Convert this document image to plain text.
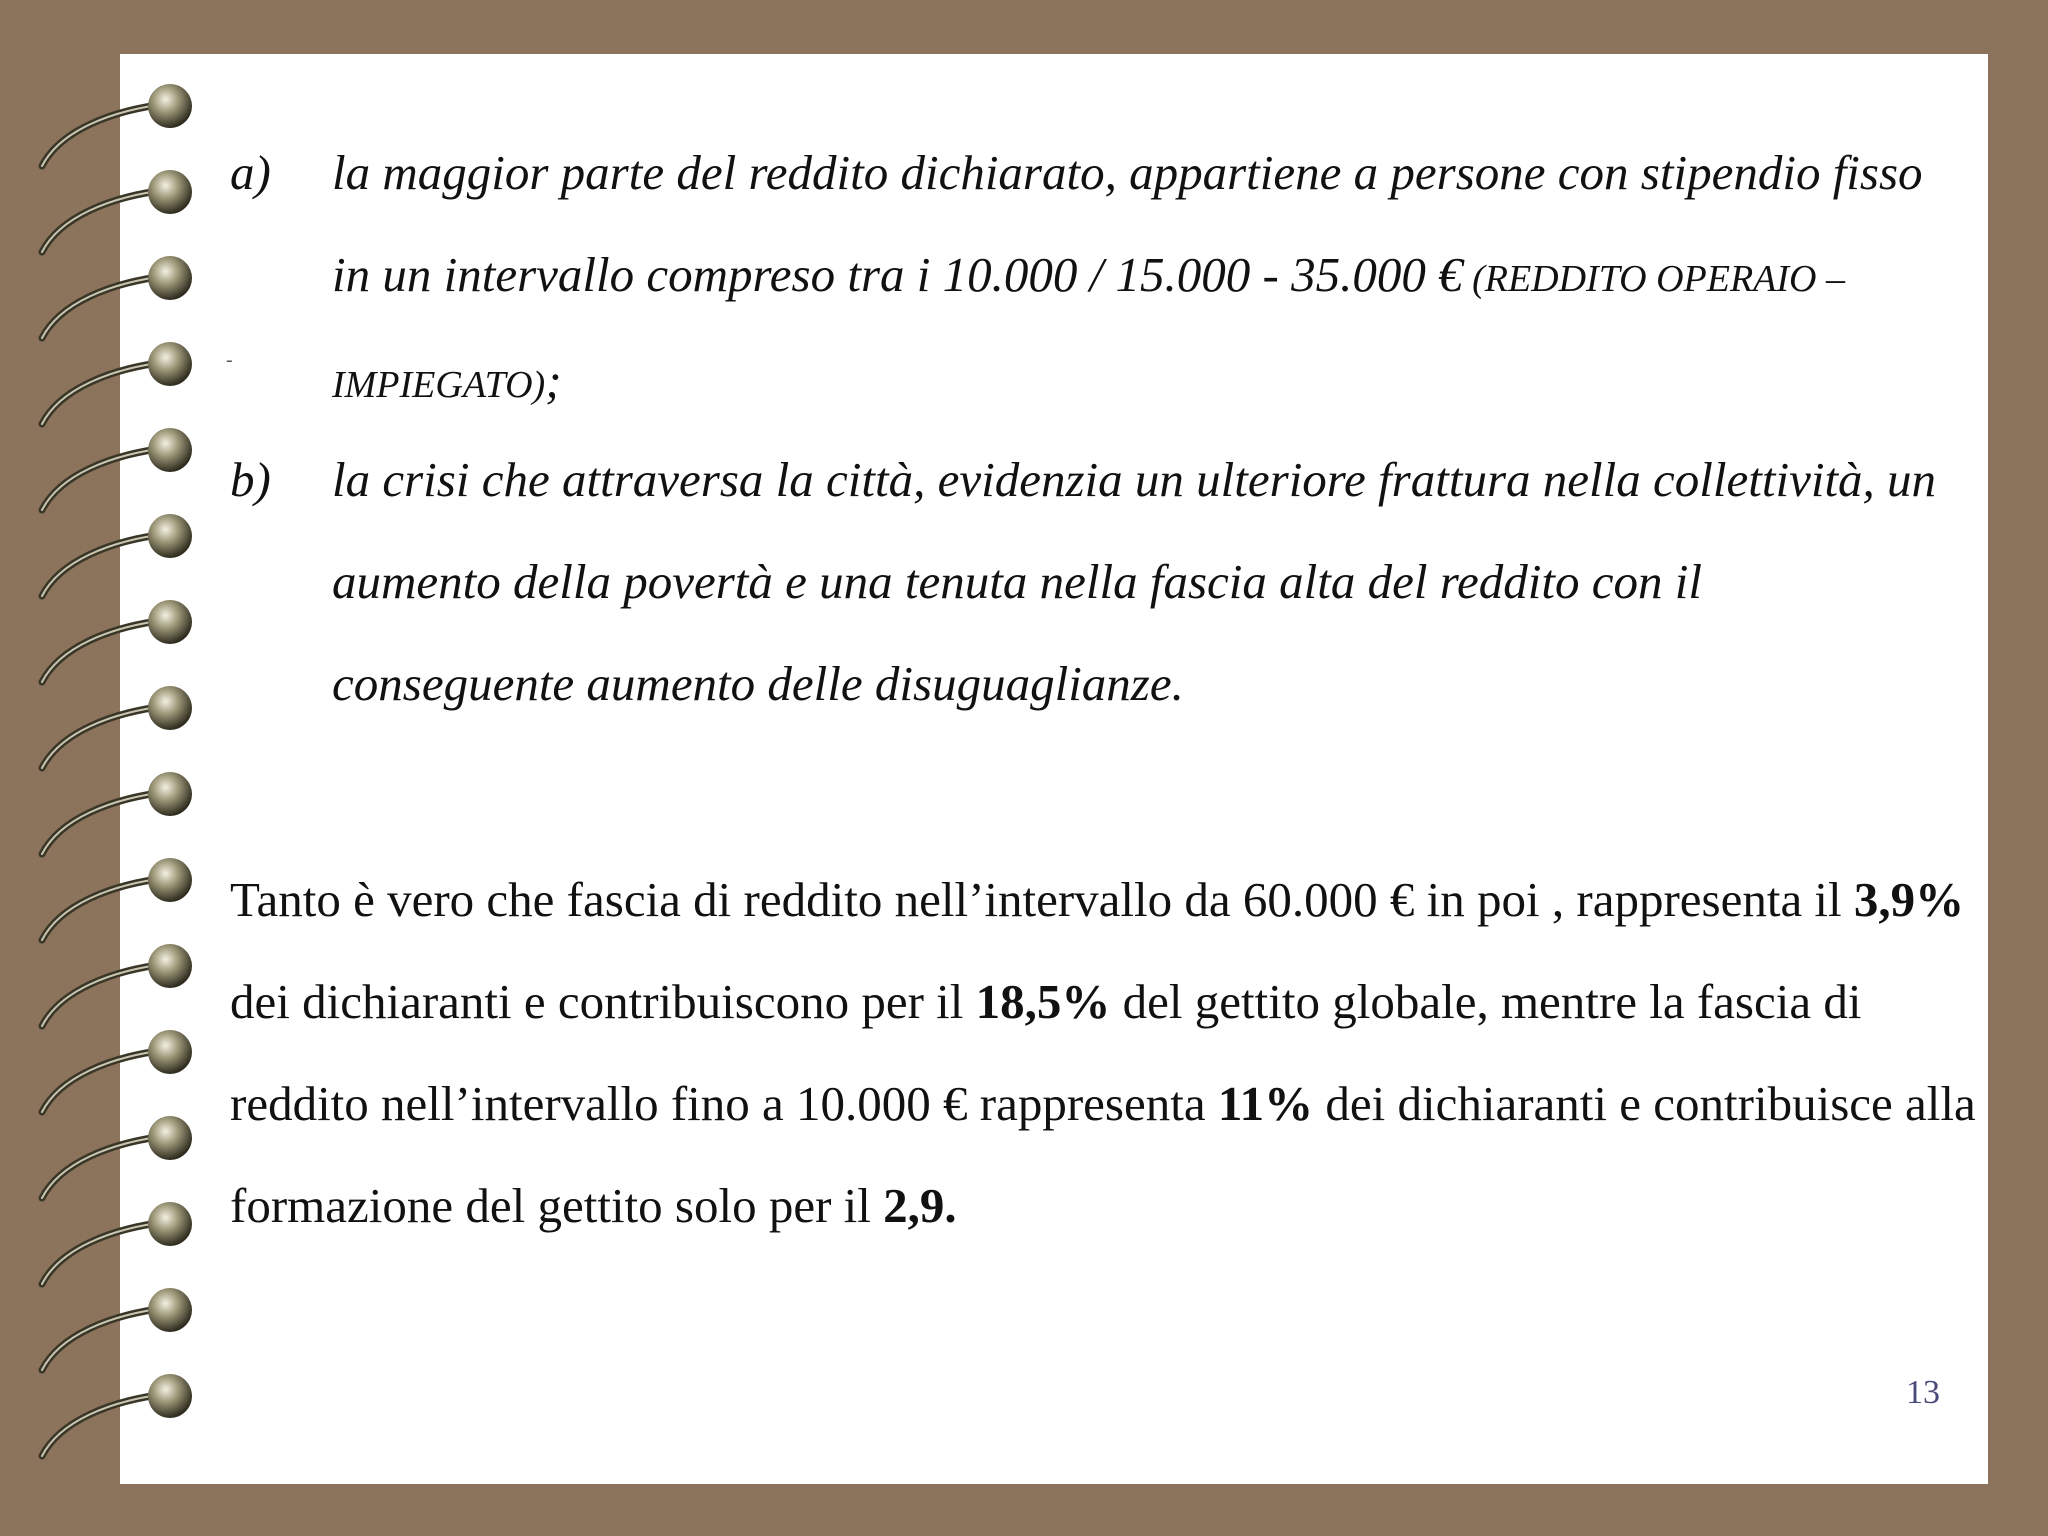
a) la maggior parte del reddito dichiarato, appartiene a persone con stipendio fisso in un intervallo compreso tra i 10.000 / 15.000 - 35.000 € (REDDITO OPERAIO – IMPIEGATO);
b) la crisi che attraversa la città, evidenzia un ulteriore frattura nella collettività, un aumento della povertà e una tenuta nella fascia alta del reddito con il conseguente aumento delle disuguaglianze.
-
Tanto è vero che fascia di reddito nell’intervallo da 60.000 € in poi , rappresenta il 3,9% dei dichiaranti e contribuiscono per il 18,5% del gettito globale, mentre la fascia di reddito nell’intervallo fino a 10.000 € rappresenta 11% dei dichiaranti e contribuisce alla formazione del gettito solo per il 2,9.
13
